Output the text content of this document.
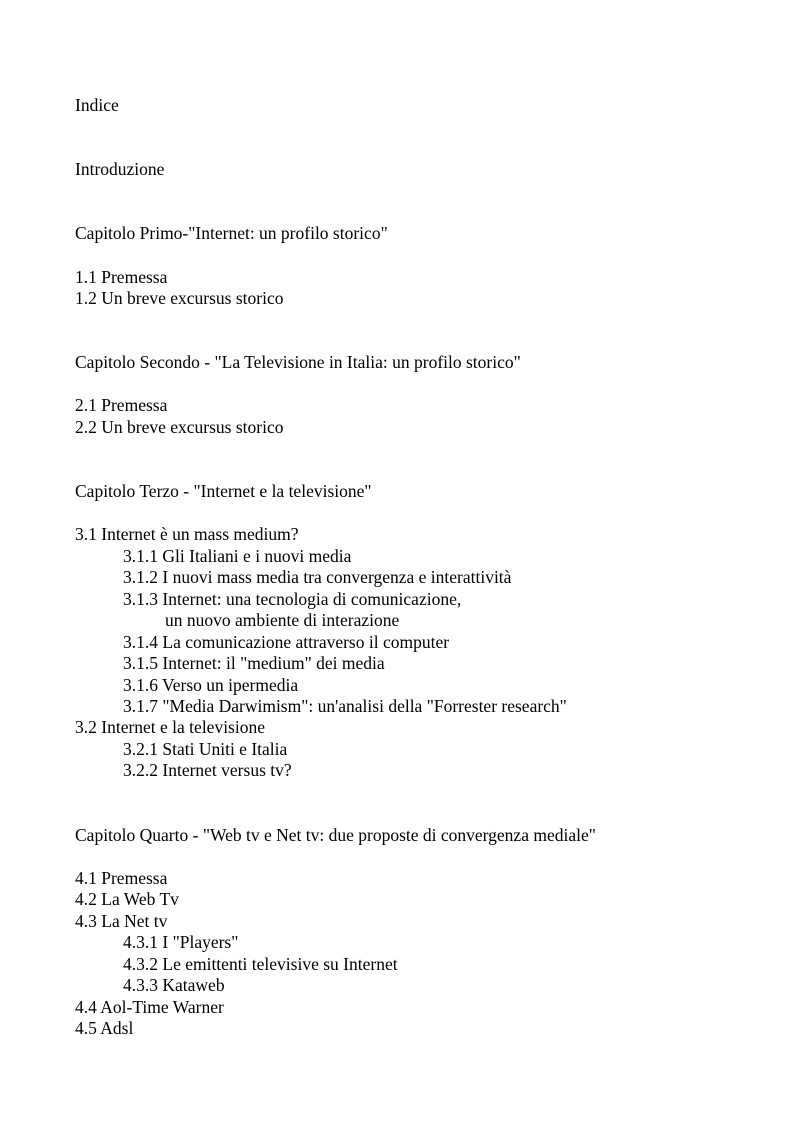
Indice

Introduzione

Capitolo Primo-"Internet: un profilo storico"

1.1 Premessa

1.2 Un breve excursus storico

Capitolo Secondo - "La Televisione in Italia: un profilo storico"

2.1 Premessa

2.2 Un breve excursus storico

Capitolo Terzo - "Internet e la televisione"

3.1 Internet è un mass medium?

3.1.1 Gli Italiani e i nuovi media

3.1.2 I nuovi mass media tra convergenza e interattività

3.1.3 Internet: una tecnologia di comunicazione,

un nuovo ambiente di interazione

3.1.4 La comunicazione attraverso il computer

3.1.5 Internet: il "medium" dei media

3.1.6 Verso un ipermedia

3.1.7 "Media Darwimism": un'analisi della "Forrester research"

3.2 Internet e la televisione

3.2.1 Stati Uniti e Italia

3.2.2 Internet versus tv?

Capitolo Quarto - "Web tv e Net tv: due proposte di convergenza mediale"

4.1 Premessa

4.2 La Web Tv

4.3 La Net tv

4.3.1 I "Players"

4.3.2 Le emittenti televisive su Internet

4.3.3 Kataweb

4.4 Aol-Time Warner

4.5 Adsl
